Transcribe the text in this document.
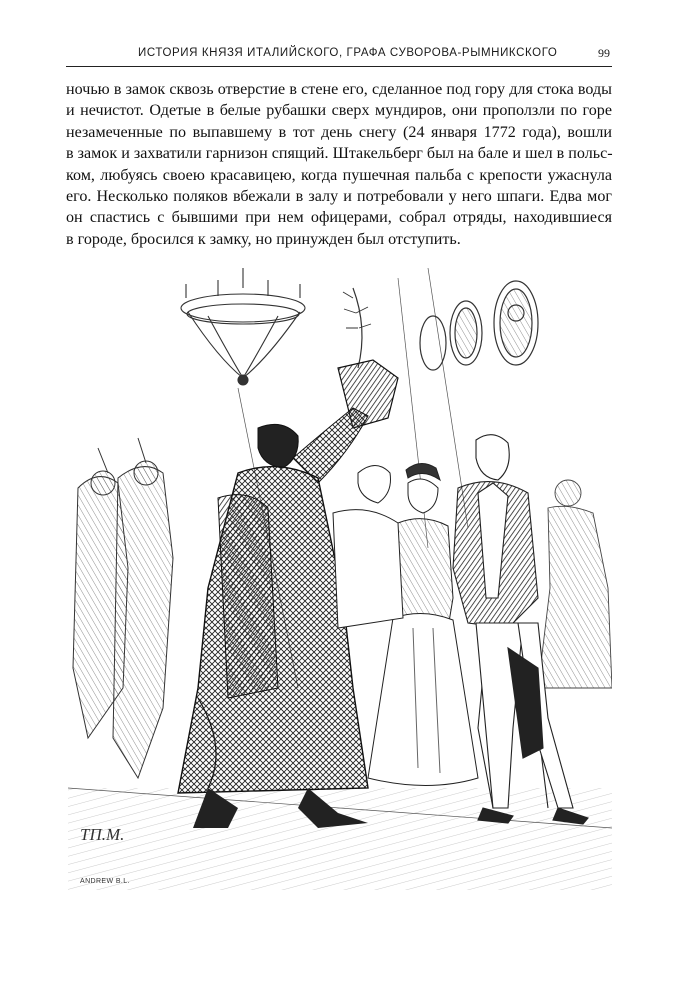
ИСТОРИЯ КНЯЗЯ ИТАЛИЙСКОГО, ГРАФА СУВОРОВА-РЫМНИКСКОГО	99
ночью в замок сквозь отверстие в стене его, сделанное под гору для стока воды
и нечистот. Одетые в белые рубашки сверх мундиров, они проползли по горе
незамеченные по выпавшему в тот день снегу (24 января 1772 года), вошли
в замок и захватили гарнизон спящий. Штакельберг был на бале и шел в польс-
ком, любуясь своею красавицею, когда пушечная пальба с крепости ужаснула
его. Несколько поляков вбежали в залу и потребовали у него шпаги. Едва мог
он спастись с бывшими при нем офицерами, собрал отряды, находившиеся
в городе, бросился к замку, но принужден был отступить.
ТП.М.
ANDREW B.L.
